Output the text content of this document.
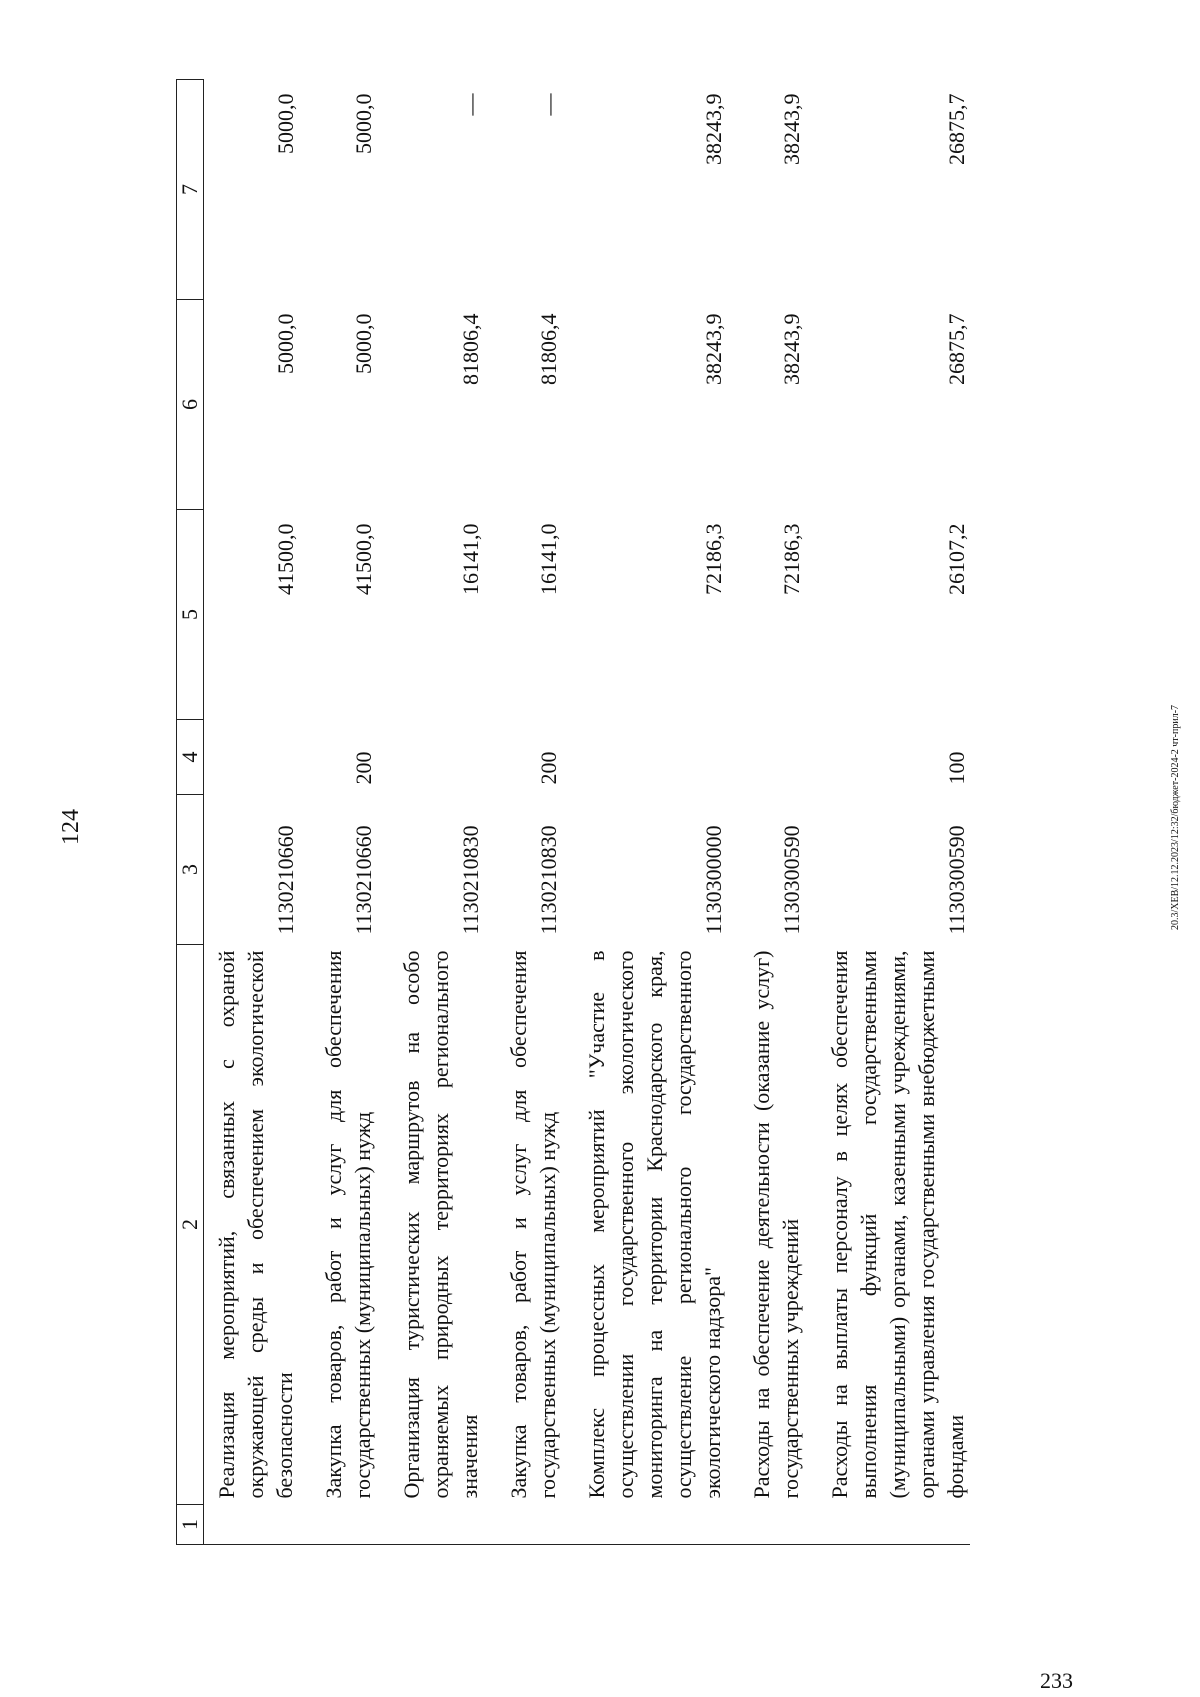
124
233
20.3/ХЕВ/12.12.2023/12:32/бюджет-2024-2 чт-прил-7
1	2	3	4	5	6	7
	Реализация мероприятий, связанных с охраной окружающей среды и обеспечением экологической безопасности	1130210660		41500,0	5000,0	5000,0

	Закупка товаров, работ и услуг для обеспечения государственных (муниципальных) нужд	1130210660	200	41500,0	5000,0	5000,0

	Организация туристических маршрутов на особо охраняемых природных территориях регионального значения	1130210830		16141,0	81806,4	—

	Закупка товаров, работ и услуг для обеспечения государственных (муниципальных) нужд	1130210830	200	16141,0	81806,4	—

	Комплекс процессных мероприятий "Участие в осуществлении государственного экологического мониторинга на территории Краснодарского края, осуществление регионального государственного экологического надзора"	1130300000		72186,3	38243,9	38243,9

	Расходы на обеспечение деятельности (оказание услуг) государственных учреждений	1130300590		72186,3	38243,9	38243,9

	Расходы на выплаты персоналу в целях обеспечения выполнения функций государственными (муниципальными) органами, казенными учреждениями, органами управления государственными внебюджетными фондами	1130300590	100	26107,2	26875,7	26875,7
